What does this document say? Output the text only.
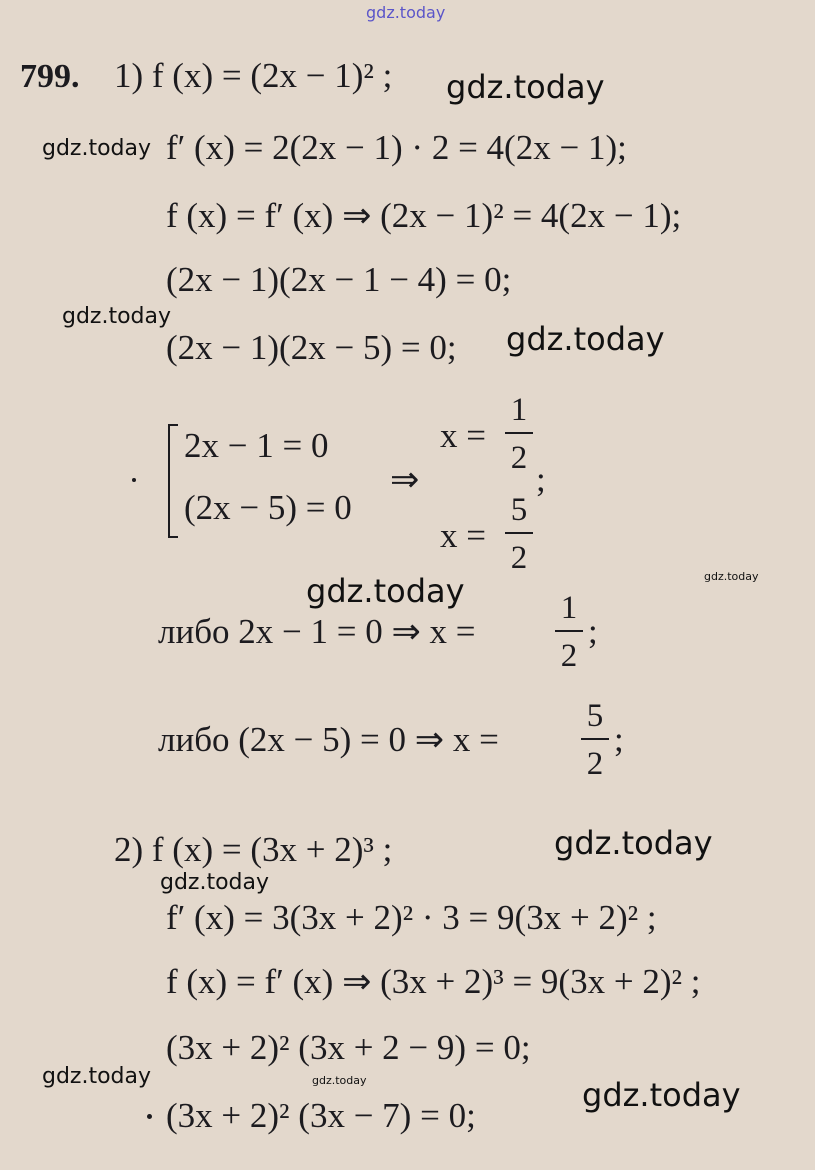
gdz.today
gdz.today
gdz.today
gdz.today
gdz.today
gdz.today	gdz.today
gdz.today
gdz.today
gdz.today	gdz.today	gdz.today
799. 1) f (x) = (2x − 1)² ;
f′ (x) = 2(2x − 1) · 2 = 4(2x − 1);
f (x) = f′ (x) ⇒ (2x − 1)² = 4(2x − 1);
(2x − 1)(2x − 1 − 4) = 0;
(2x − 1)(2x − 5) = 0;
2x − 1 = 0
(2x − 5) = 0
⇒
x =
1
2
;
x =
5
2
либо 2x − 1 = 0 ⇒ x =
1
2
;
либо (2x − 5) = 0 ⇒ x =
5
2
;
2) f (x) = (3x + 2)³ ;
f′ (x) = 3(3x + 2)² · 3 = 9(3x + 2)² ;
f (x) = f′ (x) ⇒ (3x + 2)³ = 9(3x + 2)² ;
(3x + 2)² (3x + 2 − 9) = 0;
(3x + 2)² (3x − 7) = 0;
